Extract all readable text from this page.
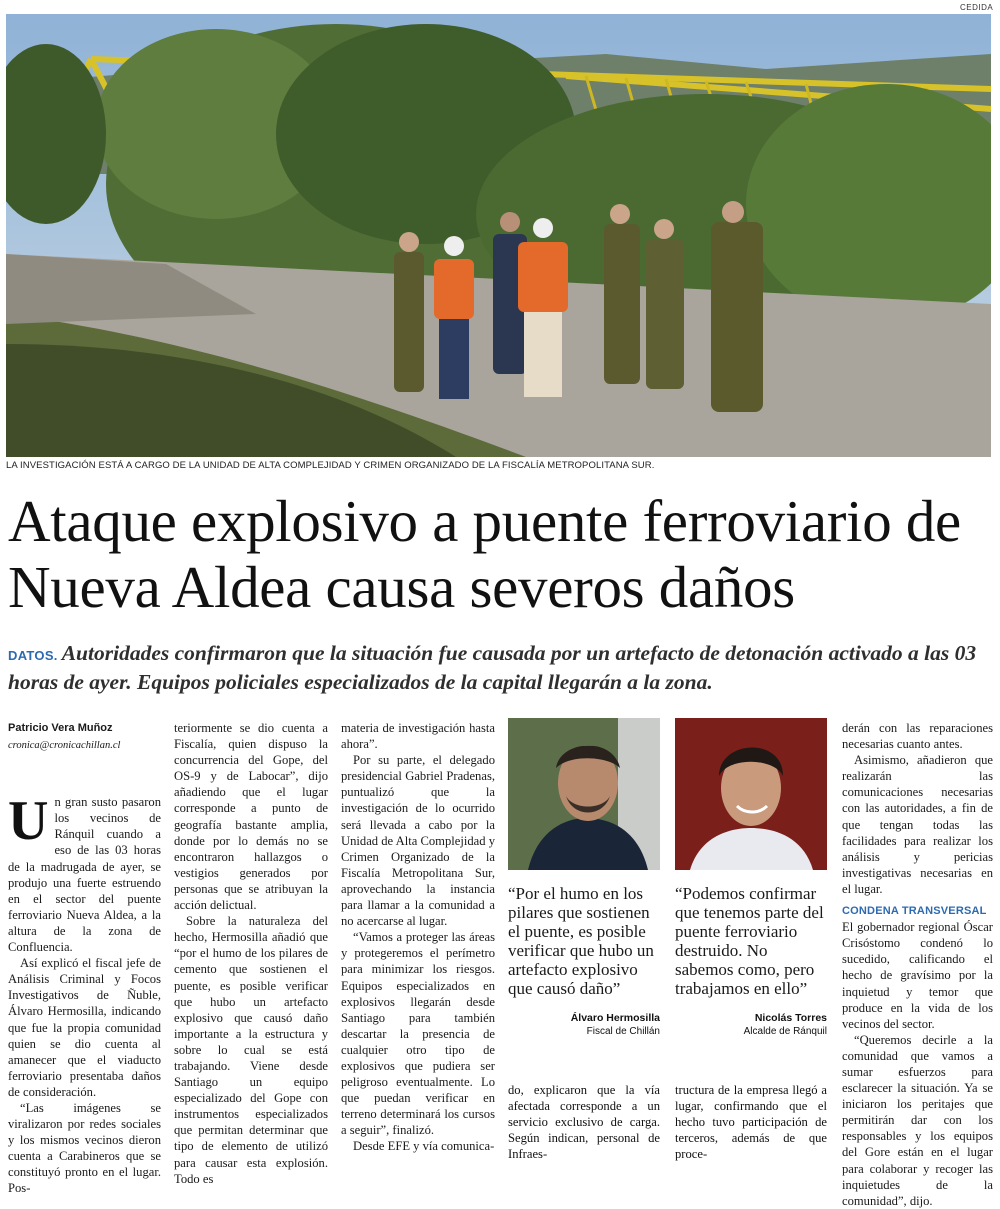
CEDIDA
LA INVESTIGACIÓN ESTÁ A CARGO DE LA UNIDAD DE ALTA COMPLEJIDAD Y CRIMEN ORGANIZADO DE LA FISCALÍA METROPOLITANA SUR.
Ataque explosivo a puente ferroviario de Nueva Aldea causa severos daños
DATOS. Autoridades confirmaron que la situación fue causada por un artefacto de detonación activado a las 03 horas de ayer. Equipos policiales especializados de la capital llegarán a la zona.
Patricio Vera Muñoz
cronica@cronicachillan.cl

Un gran susto pasaron los vecinos de Ránquil cuando a eso de las 03 horas de la madrugada de ayer, se produjo una fuerte estruendo en el sector del puente ferroviario Nueva Aldea, a la altura de la zona de Confluencia.

Así explicó el fiscal jefe de Análisis Criminal y Focos Investigativos de Ñuble, Álvaro Hermosilla, indicando que fue la propia comunidad quien se dio cuenta al amanecer que el viaducto ferroviario presentaba daños de consideración.

“Las imágenes se viralizaron por redes sociales y los mismos vecinos dieron cuenta a Carabineros que se constituyó pronto en el lugar. Pos-

teriormente se dio cuenta a Fiscalía, quien dispuso la concurrencia del Gope, del OS-9 y de Labocar”, dijo añadiendo que el lugar corresponde a punto de geografía bastante amplia, donde por lo demás no se encontraron hallazgos o vestigios generados por personas que se atribuyan la acción delictual.

Sobre la naturaleza del hecho, Hermosilla añadió que “por el humo de los pilares de cemento que sostienen el puente, es posible verificar que hubo un artefacto explosivo que causó daño importante a la estructura y sobre lo cual se está trabajando. Viene desde Santiago un equipo especializado del Gope con instrumentos especializados que permitan determinar que tipo de elemento de utilizó para causar esta explosión. Todo es

materia de investigación hasta ahora”.

Por su parte, el delegado presidencial Gabriel Pradenas, puntualizó que la investigación de lo ocurrido será llevada a cabo por la Unidad de Alta Complejidad y Crimen Organizado de la Fiscalía Metropolitana Sur, aprovechando la instancia para llamar a la comunidad a no acercarse al lugar.

“Vamos a proteger las áreas y protegeremos el perímetro para minimizar los riesgos. Equipos especializados en explosivos llegarán desde Santiago para también descartar la presencia de cualquier otro tipo de explosivos que pudiera ser peligroso eventualmente. Lo que puedan verificar en terreno determinará los cursos a seguir”, finalizó.

Desde EFE y vía comunica-

“Por el humo en los pilares que sostienen el puente, es posible verificar que hubo un artefacto explosivo que causó daño”
Álvaro Hermosilla
Fiscal de Chillán
do, explicaron que la vía afectada corresponde a un servicio exclusivo de carga. Según indican, personal de Infraes-
“Podemos confirmar que tenemos parte del puente ferroviario destruido. No sabemos como, pero trabajamos en ello”
Nicolás Torres
Alcalde de Ránquil
tructura de la empresa llegó a lugar, confirmando que el hecho tuvo participación de terceros, además de que proce-

derán con las reparaciones necesarias cuanto antes.

Asimismo, añadieron que realizarán las comunicaciones necesarias con las autoridades, a fin de que tengan todas las facilidades para realizar los análisis y pericias investigativas necesarias en el lugar.

CONDENA TRANSVERSAL

El gobernador regional Óscar Crisóstomo condenó lo sucedido, calificando el hecho de gravísimo por la inquietud y temor que produce en la vida de los vecinos del sector.

“Queremos decirle a la comunidad que vamos a sumar esfuerzos para esclarecer la situación. Ya se iniciaron los peritajes que permitirán dar con los responsables y los equipos del Gore están en el lugar para colaborar y recoger las inquietudes de la comunidad”, dijo.
